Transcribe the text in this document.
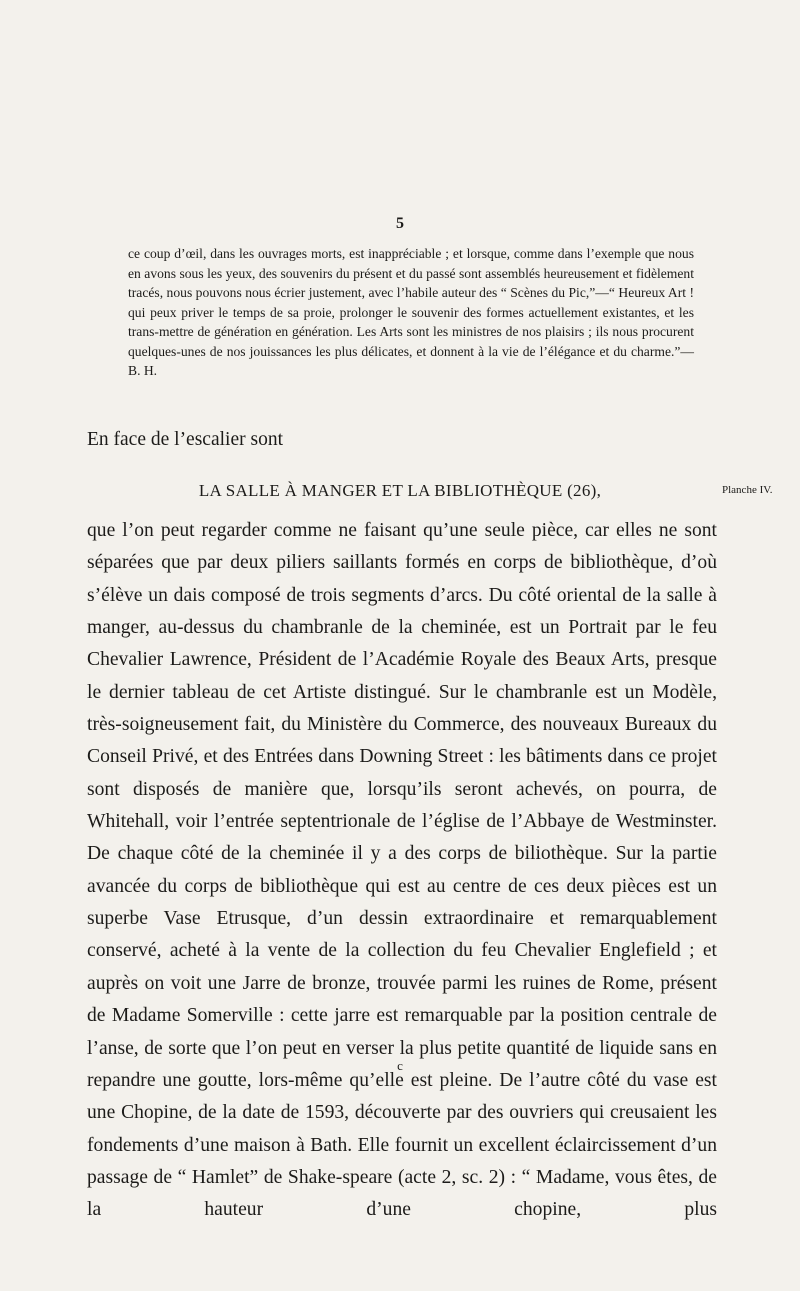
5

ce coup d’œil, dans les ouvrages morts, est inappréciable ; et lorsque, comme dans l’exemple que nous en avons sous les yeux, des souvenirs du présent et du passé sont assemblés heureusement et fidèlement tracés, nous pouvons nous écrier justement, avec l’habile auteur des “ Scènes du Pic,”—“ Heureux Art ! qui peux priver le temps de sa proie, prolonger le souvenir des formes actuellement existantes, et les trans-mettre de génération en génération. Les Arts sont les ministres de nos plaisirs ; ils nous procurent quelques-unes de nos jouissances les plus délicates, et donnent à la vie de l’élégance et du charme.”—B. H.

En face de l’escalier sont
LA SALLE À MANGER ET LA BIBLIOTHÈQUE (26),	Planche IV.

que l’on peut regarder comme ne faisant qu’une seule pièce, car elles ne sont séparées que par deux piliers saillants formés en corps de bibliothèque, d’où s’élève un dais composé de trois segments d’arcs. Du côté oriental de la salle à manger, au-dessus du chambranle de la cheminée, est un Portrait par le feu Chevalier Lawrence, Président de l’Académie Royale des Beaux Arts, presque le dernier tableau de cet Artiste distingué. Sur le chambranle est un Modèle, très-soigneusement fait, du Ministère du Commerce, des nouveaux Bureaux du Conseil Privé, et des Entrées dans Downing Street : les bâtiments dans ce projet sont disposés de manière que, lorsqu’ils seront achevés, on pourra, de Whitehall, voir l’entrée septentrionale de l’église de l’Abbaye de Westminster. De chaque côté de la cheminée il y a des corps de biliothèque. Sur la partie avancée du corps de bibliothèque qui est au centre de ces deux pièces est un superbe Vase Etrusque, d’un dessin extraordinaire et remarquablement conservé, acheté à la vente de la collection du feu Chevalier Englefield ; et auprès on voit une Jarre de bronze, trouvée parmi les ruines de Rome, présent de Madame Somerville : cette jarre est remarquable par la position centrale de l’anse, de sorte que l’on peut en verser la plus petite quantité de liquide sans en repandre une goutte, lors-même qu’elle est pleine. De l’autre côté du vase est une Chopine, de la date de 1593, découverte par des ouvriers qui creusaient les fondements d’une maison à Bath. Elle fournit un excellent éclaircissement d’un passage de “ Hamlet” de Shake-speare (acte 2, sc. 2) : “ Madame, vous êtes, de la hauteur d’une chopine, plus

c
